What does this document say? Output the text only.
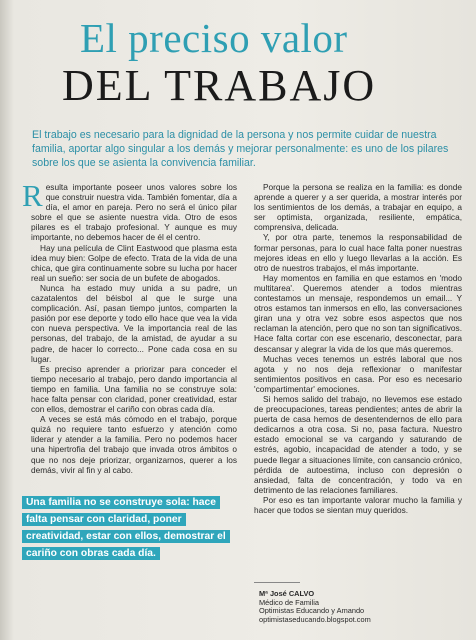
El preciso valor
DEL TRABAJO
El trabajo es necesario para la dignidad de la persona y nos permite cuidar de nuestra familia, aportar algo singular a los demás y mejorar personalmente: es uno de los pilares sobre los que se asienta la convivencia familiar.

Resulta importante poseer unos valores sobre los que construir nuestra vida. También fomentar, día a día, el amor en pareja. Pero no será el único pilar sobre el que se asiente nuestra vida. Otro de esos pilares es el trabajo profesional. Y aunque es muy importante, no debemos hacer de él el centro.

Hay una película de Clint Eastwood que plasma esta idea muy bien: Golpe de efecto. Trata de la vida de una chica, que gira continuamente sobre su lucha por hacer real un sueño: ser socia de un bufete de abogados.

Nunca ha estado muy unida a su padre, un cazatalentos del béisbol al que le surge una complicación. Así, pasan tiempo juntos, comparten la pasión por ese deporte y todo ello hace que vea la vida con nueva perspectiva. Ve la importancia real de las personas, del trabajo, de la amistad, de ayudar a su padre, de hacer lo correcto... Pone cada cosa en su lugar.

Es preciso aprender a priorizar para conceder el tiempo necesario al trabajo, pero dando importancia al tiempo en familia. Una familia no se construye sola: hace falta pensar con claridad, poner creatividad, estar con ellos, demostrar el cariño con obras cada día.

A veces se está más cómodo en el trabajo, porque quizá no requiere tanto esfuerzo y atención como liderar y atender a la familia. Pero no podemos hacer una hipertrofia del trabajo que invada otros ámbitos o que no nos deje priorizar, organizarnos, querer a los demás, vivir al fin y al cabo.

Una familia no se construye sola: hace falta pensar con claridad, poner creatividad, estar con ellos, demostrar el cariño con obras cada día.

Porque la persona se realiza en la familia: es donde aprende a querer y a ser querida, a mostrar interés por los sentimientos de los demás, a trabajar en equipo, a ser optimista, organizada, resiliente, empática, comprensiva, delicada.

Y, por otra parte, tenemos la responsabilidad de formar personas, para lo cual hace falta poner nuestras mejores ideas en ello y luego llevarlas a la acción. Es otro de nuestros trabajos, el más importante.

Hay momentos en familia en que estamos en 'modo multitarea'. Queremos atender a todos mientras contestamos un mensaje, respondemos un email... Y otros estamos tan inmersos en ello, las conversaciones giran una y otra vez sobre esos aspectos que nos reclaman la atención, pero que no son tan significativos. Hace falta cortar con ese escenario, desconectar, para descansar y alegrar la vida de los que más queremos.

Muchas veces tenemos un estrés laboral que nos agota y no nos deja reflexionar o manifestar sentimientos positivos en casa. Por eso es necesario 'compartimentar' emociones.

Si hemos salido del trabajo, no llevemos ese estado de preocupaciones, tareas pendientes; antes de abrir la puerta de casa hemos de desentendernos de ello para dedicarnos a otra cosa. Si no, pasa factura. Nuestro estado emocional se va cargando y saturando de estrés, agobio, incapacidad de atender a todo, y se puede llegar a situaciones límite, con cansancio crónico, pérdida de autoestima, incluso con depresión o ansiedad, falta de concentración, y todo va en detrimento de las relaciones familiares.

Por eso es tan importante valorar mucho la familia y hacer que todos se sientan muy queridos.

Mª José CALVO
Médico de Familia
Optimistas Educando y Amando
optimistaseducando.blogspot.com
